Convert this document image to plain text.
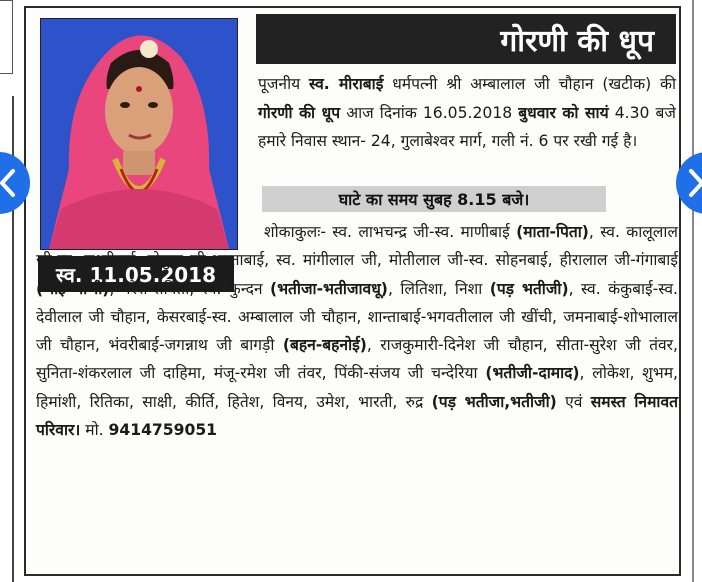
स्व. 11.05.2018
गोरणी की धूप
पूजनीय स्व. मीराबाई धर्मपत्नी श्री अम्बालाल जी चौहान (खटीक) की गोरणी की धूप आज दिनांक 16.05.2018 बुधवार को सायं 4.30 बजे हमारे निवास स्थान- 24, गुलाबेश्वर मार्ग, गली नं. 6 पर रखी गई है।
घाटे का समय सुबह 8.15 बजे।
शोकाकुलः- स्व. लाभचन्द्र जी-स्व. माणीबाई (माता-पिता), स्व. कालूलाल जी-स्व. लक्ष्मीबाई, गोकुल जी-शान्ताबाई, स्व. मांगीलाल जी, मोतीलाल जी-स्व. सोहनबाई, हीरालाल जी-गंगाबाई (भाई-भाभी), नरेश-सविता, स्व. कुन्दन (भतीजा-भतीजावधू), लितिशा, निशा (पड़ भतीजी), स्व. कंकुबाई-स्व. देवीलाल जी चौहान, केसरबाई-स्व. अम्बालाल जी चौहान, शान्ताबाई-भगवतीलाल जी खींची, जमनाबाई-शोभालाल जी चौहान, भंवरीबाई-जगन्नाथ जी बागड़ी (बहन-बहनोई), राजकुमारी-दिनेश जी चौहान, सीता-सुरेश जी तंवर, सुनिता-शंकरलाल जी दाहिमा, मंजू-रमेश जी तंवर, पिंकी-संजय जी चन्देरिया (भतीजी-दामाद), लोकेश, शुभम, हिमांशी, रितिका, साक्षी, कीर्ति, हितेश, विनय, उमेश, भारती, रुद्र (पड़ भतीजा,भतीजी) एवं समस्त निमावत परिवार। मो. 9414759051
